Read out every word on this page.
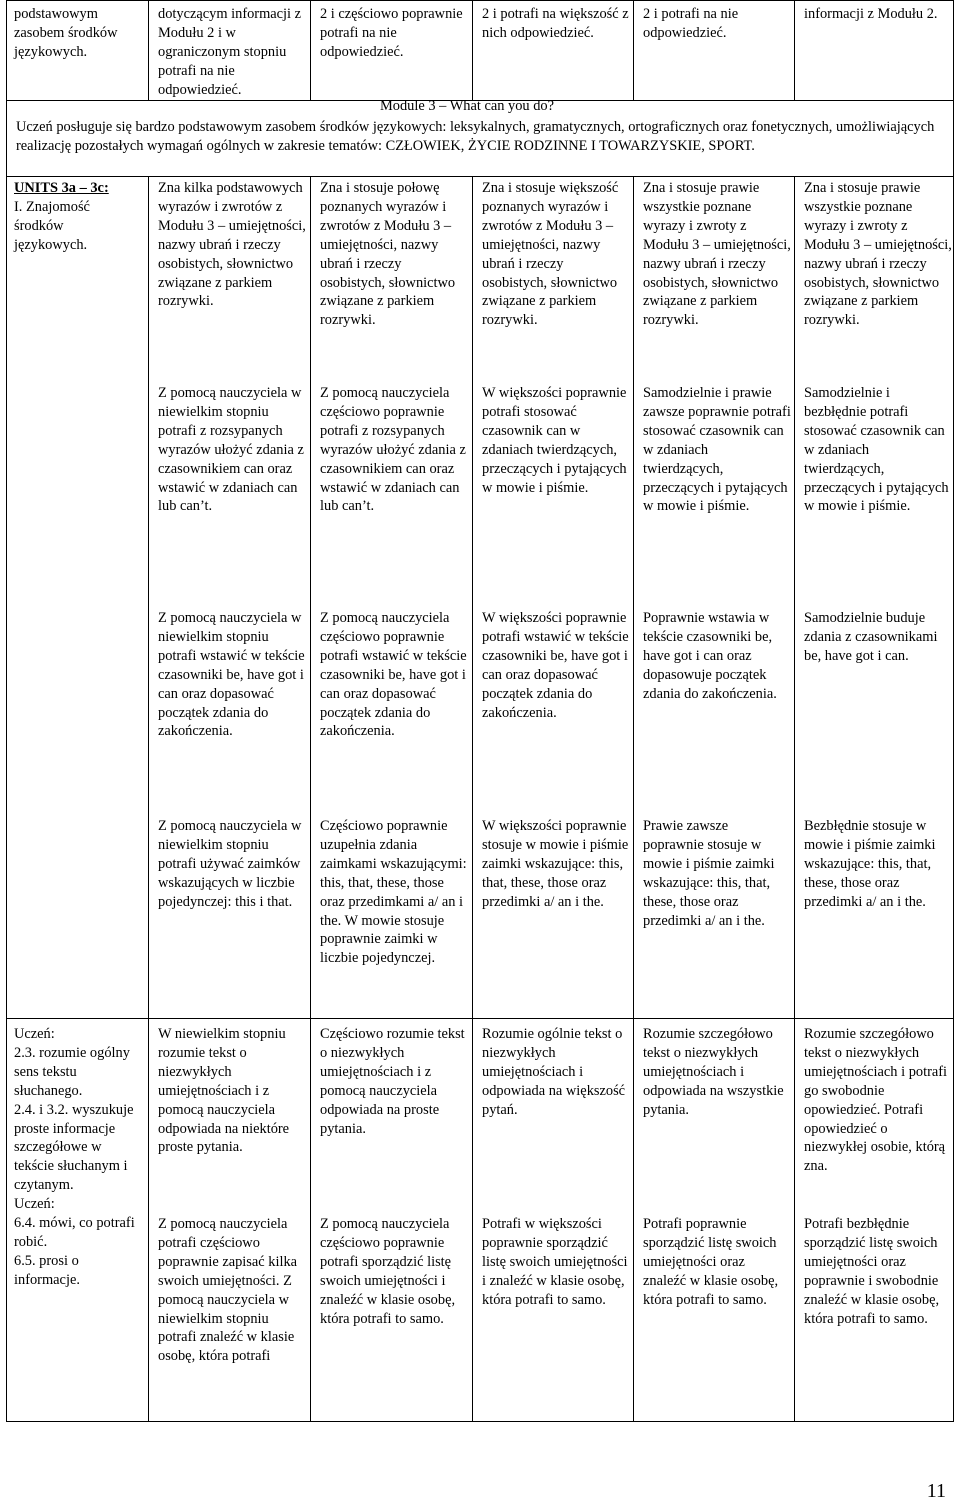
podstawowym zasobem środków językowych.
dotyczącym informacji z Modułu 2 i w ograniczonym stopniu potrafi na nie odpowiedzieć.
2 i częściowo poprawnie potrafi na nie odpowiedzieć.
2 i potrafi na większość z nich odpowiedzieć.
2 i potrafi na nie odpowiedzieć.
informacji z Modułu 2.
Module 3 – What can you do?
Uczeń posługuje się bardzo podstawowym zasobem środków językowych: leksykalnych, gramatycznych, ortograficznych oraz fonetycznych, umożliwiających realizację pozostałych wymagań ogólnych w zakresie tematów: CZŁOWIEK, ŻYCIE RODZINNE I TOWARZYSKIE, SPORT.
UNITS 3a – 3c:
I. Znajomość środków językowych.
Zna kilka podstawowych wyrazów i zwrotów z Modułu 3 – umiejętności, nazwy ubrań i rzeczy osobistych, słownictwo związane z parkiem rozrywki.
Zna i stosuje połowę poznanych wyrazów i zwrotów z Modułu 3 – umiejętności, nazwy ubrań i rzeczy osobistych, słownictwo związane z parkiem rozrywki.
Zna i stosuje większość poznanych wyrazów i zwrotów z Modułu 3 – umiejętności, nazwy ubrań i rzeczy osobistych, słownictwo związane z parkiem rozrywki.
Zna i stosuje prawie wszystkie poznane wyrazy i zwroty z Modułu 3 – umiejętności, nazwy ubrań i rzeczy osobistych, słownictwo związane z parkiem rozrywki.
Zna i stosuje prawie wszystkie poznane wyrazy i zwroty z Modułu 3 – umiejętności, nazwy ubrań i rzeczy osobistych, słownictwo związane z parkiem rozrywki.
Z pomocą nauczyciela w niewielkim stopniu potrafi z rozsypanych wyrazów ułożyć zdania z czasownikiem can oraz wstawić w zdaniach can lub can’t.
Z pomocą nauczyciela częściowo poprawnie potrafi z rozsypanych wyrazów ułożyć zdania z czasownikiem can oraz wstawić w zdaniach can lub can’t.
W większości poprawnie potrafi stosować czasownik can w zdaniach twierdzących, przeczących i pytających w mowie i piśmie.
Samodzielnie i prawie zawsze poprawnie potrafi stosować czasownik can w zdaniach twierdzących, przeczących i pytających w mowie i piśmie.
Samodzielnie i bezbłędnie potrafi stosować czasownik can w zdaniach twierdzących, przeczących i pytających w mowie i piśmie.
Z pomocą nauczyciela w niewielkim stopniu potrafi wstawić w tekście czasowniki be, have got i can oraz dopasować początek zdania do zakończenia.
Z pomocą nauczyciela częściowo poprawnie potrafi wstawić w tekście czasowniki be, have got i can oraz dopasować początek zdania do zakończenia.
W większości poprawnie potrafi wstawić w tekście czasowniki be, have got i can oraz dopasować początek zdania do zakończenia.
Poprawnie wstawia w tekście czasowniki be, have got i can oraz dopasowuje początek zdania do zakończenia.
Samodzielnie buduje zdania z czasownikami be, have got i can.
Z pomocą nauczyciela w niewielkim stopniu potrafi używać zaimków wskazujących w liczbie pojedynczej: this i that.
Częściowo poprawnie uzupełnia zdania zaimkami wskazującymi: this, that, these, those oraz przedimkami a/ an i the. W mowie stosuje poprawnie zaimki w liczbie pojedynczej.
W większości poprawnie stosuje w mowie i piśmie zaimki wskazujące: this, that, these, those oraz przedimki a/ an i the.
Prawie zawsze poprawnie stosuje w mowie i piśmie zaimki wskazujące: this, that, these, those oraz przedimki a/ an i the.
Bezbłędnie stosuje w mowie i piśmie zaimki wskazujące: this, that, these, those oraz przedimki a/ an i the.
Uczeń:
2.3. rozumie ogólny sens tekstu słuchanego.
2.4. i 3.2. wyszukuje proste informacje szczegółowe w tekście słuchanym i czytanym.
Uczeń:
6.4. mówi, co potrafi robić.
6.5. prosi o informacje.
W niewielkim stopniu rozumie tekst o niezwykłych umiejętnościach i z pomocą nauczyciela odpowiada na niektóre proste pytania.
Częściowo rozumie tekst o niezwykłych umiejętnościach i z pomocą nauczyciela odpowiada na proste pytania.
Rozumie ogólnie tekst o niezwykłych umiejętnościach i odpowiada na większość pytań.
Rozumie szczegółowo tekst o niezwykłych umiejętnościach i odpowiada na wszystkie pytania.
Rozumie szczegółowo tekst o niezwykłych umiejętnościach i potrafi go swobodnie opowiedzieć. Potrafi opowiedzieć o niezwykłej osobie, którą zna.
Z pomocą nauczyciela potrafi częściowo poprawnie zapisać kilka swoich umiejętności. Z pomocą nauczyciela w niewielkim stopniu potrafi znaleźć w klasie osobę, która potrafi
Z pomocą nauczyciela częściowo poprawnie potrafi sporządzić listę swoich umiejętności i znaleźć w klasie osobę, która potrafi to samo.
Potrafi w większości poprawnie sporządzić listę swoich umiejętności i znaleźć w klasie osobę, która potrafi to samo.
Potrafi poprawnie sporządzić listę swoich umiejętności oraz znaleźć w klasie osobę, która potrafi to samo.
Potrafi bezbłędnie sporządzić listę swoich umiejętności oraz poprawnie i swobodnie znaleźć w klasie osobę, która potrafi to samo.
11
